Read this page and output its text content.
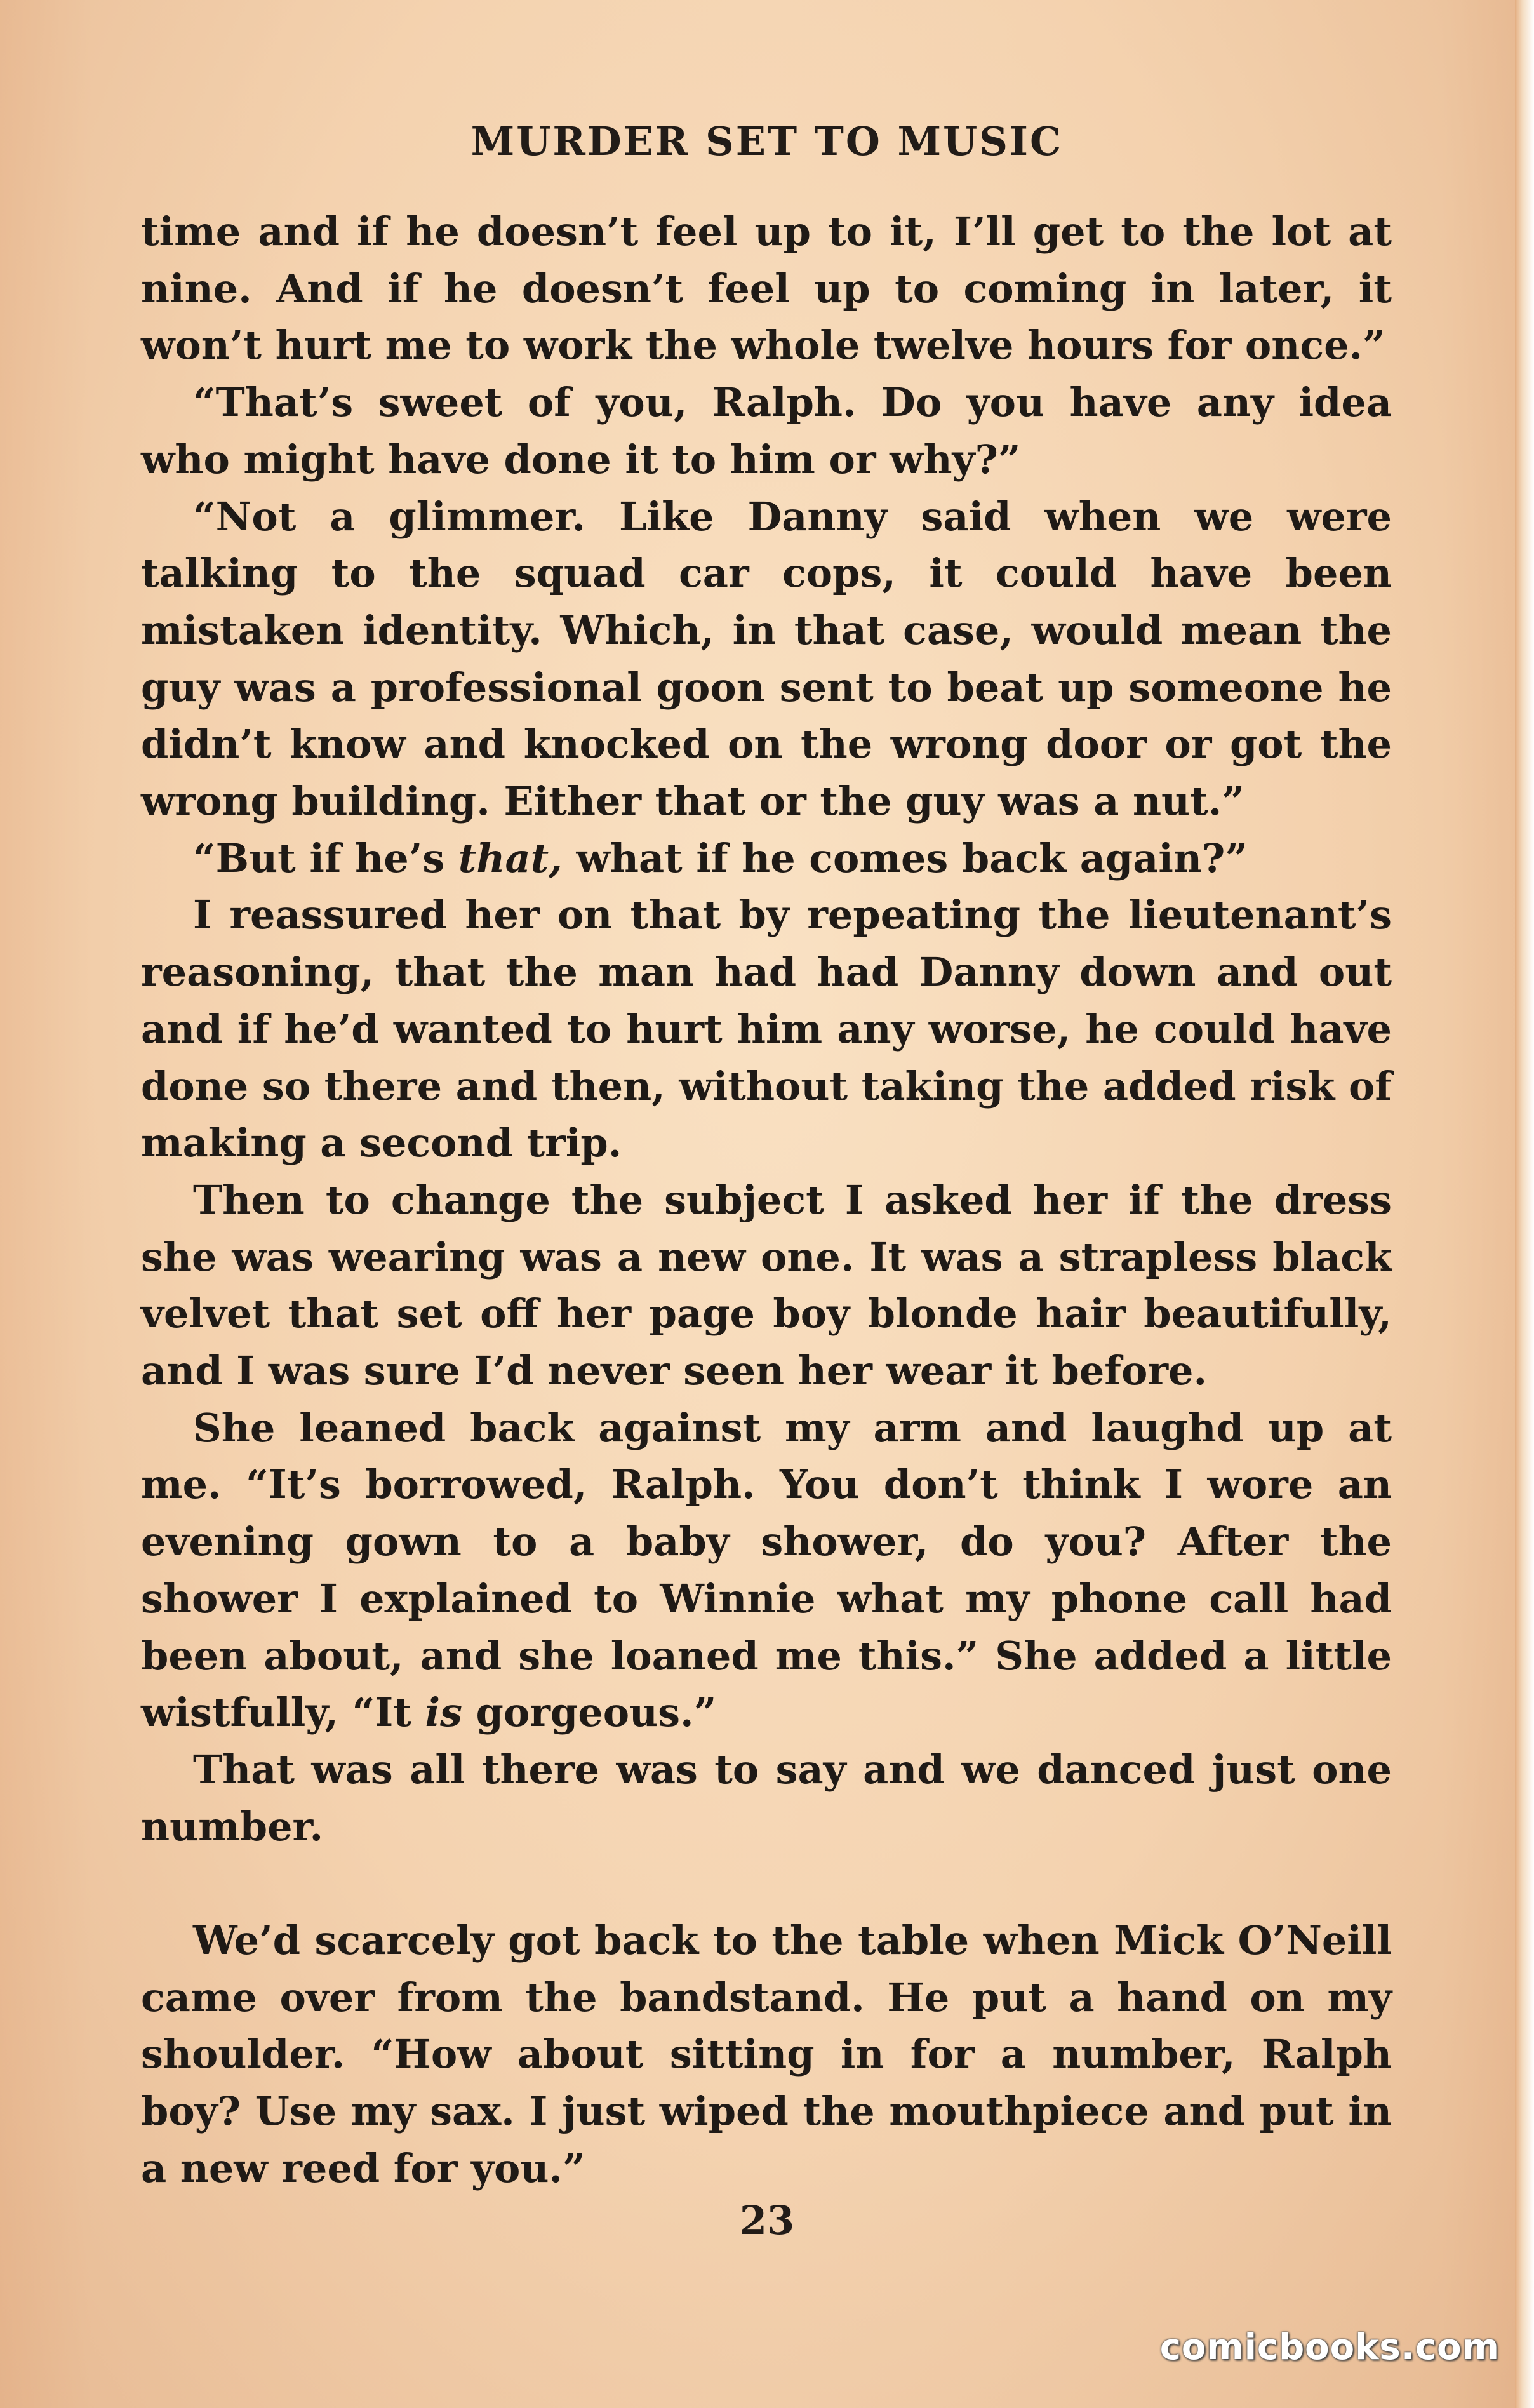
MURDER SET TO MUSIC

time and if he doesn’t feel up to it, I’ll get to the lot at nine. And if he doesn’t feel up to coming in later, it won’t hurt me to work the whole twelve hours for once.”

“That’s sweet of you, Ralph. Do you have any idea who might have done it to him or why?”

“Not a glimmer. Like Danny said when we were talking to the squad car cops, it could have been mistaken identity. Which, in that case, would mean the guy was a professional goon sent to beat up someone he didn’t know and knocked on the wrong door or got the wrong building. Either that or the guy was a nut.”

“But if he’s that, what if he comes back again?”

I reassured her on that by repeating the lieutenant’s reasoning, that the man had had Danny down and out and if he’d wanted to hurt him any worse, he could have done so there and then, without taking the added risk of making a second trip.

Then to change the subject I asked her if the dress she was wearing was a new one. It was a strapless black velvet that set off her page boy blonde hair beautifully, and I was sure I’d never seen her wear it before.

She leaned back against my arm and laughd up at me. “It’s borrowed, Ralph. You don’t think I wore an evening gown to a baby shower, do you? After the shower I explained to Winnie what my phone call had been about, and she loaned me this.” She added a little wistfully, “It is gorgeous.”

That was all there was to say and we danced just one number.

We’d scarcely got back to the table when Mick O’Neill came over from the bandstand. He put a hand on my shoulder. “How about sitting in for a number, Ralph boy? Use my sax. I just wiped the mouthpiece and put in a new reed for you.”

23
comicbooks.com
